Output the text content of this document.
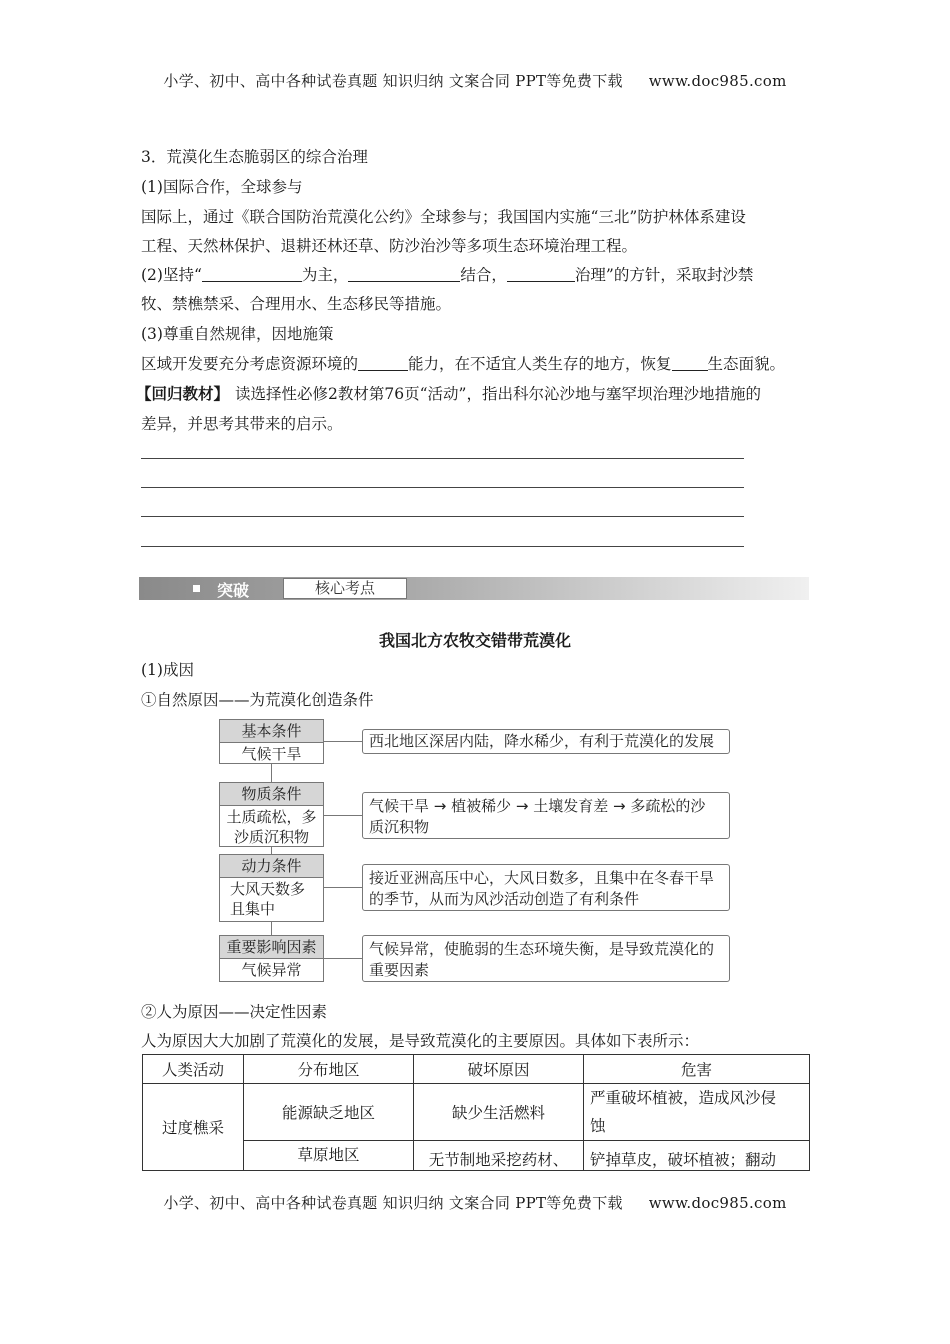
小学、初中、高中各种试卷真题 知识归纳 文案合同 PPT等免费下载 www.doc985.com
3．荒漠化生态脆弱区的综合治理
(1)国际合作，全球参与
国际上，通过《联合国防治荒漠化公约》全球参与；我国国内实施“三北”防护林体系建设
工程、天然林保护、退耕还林还草、防沙治沙等多项生态环境治理工程。
(2)坚持“	为主，	结合，	治理”的方针，采取封沙禁
牧、禁樵禁采、合理用水、生态移民等措施。
(3)尊重自然规律，因地施策
区域开发要充分考虑资源环境的	能力，在不适宜人类生存的地方，恢复 生态面貌。
【回归教材】 读选择性必修2教材第76页“活动”，指出科尔沁沙地与塞罕坝治理沙地措施的
差异，并思考其带来的启示。
突破	核心考点
我国北方农牧交错带荒漠化
(1)成因
①自然原因——为荒漠化创造条件
基本条件
气候干旱
物质条件
土质疏松，多
沙质沉积物
动力条件
大风天数多
且集中
重要影响因素
气候异常
西北地区深居内陆，降水稀少，有利于荒漠化的发展
气候干旱 → 植被稀少 → 土壤发育差 → 多疏松的沙
质沉积物
接近亚洲高压中心，大风日数多，且集中在冬春干旱
的季节，从而为风沙活动创造了有利条件
气候异常，使脆弱的生态环境失衡，是导致荒漠化的
重要因素
②人为原因——决定性因素
人为原因大大加剧了荒漠化的发展，是导致荒漠化的主要原因。具体如下表所示：
人类活动	分布地区	破坏原因	危害
过度樵采	能源缺乏地区	缺少生活燃料	严重破坏植被，造成风沙侵
蚀

	草原地区	无节制地采挖药材、	铲掉草皮，破坏植被；翻动
小学、初中、高中各种试卷真题 知识归纳 文案合同 PPT等免费下载 www.doc985.com
